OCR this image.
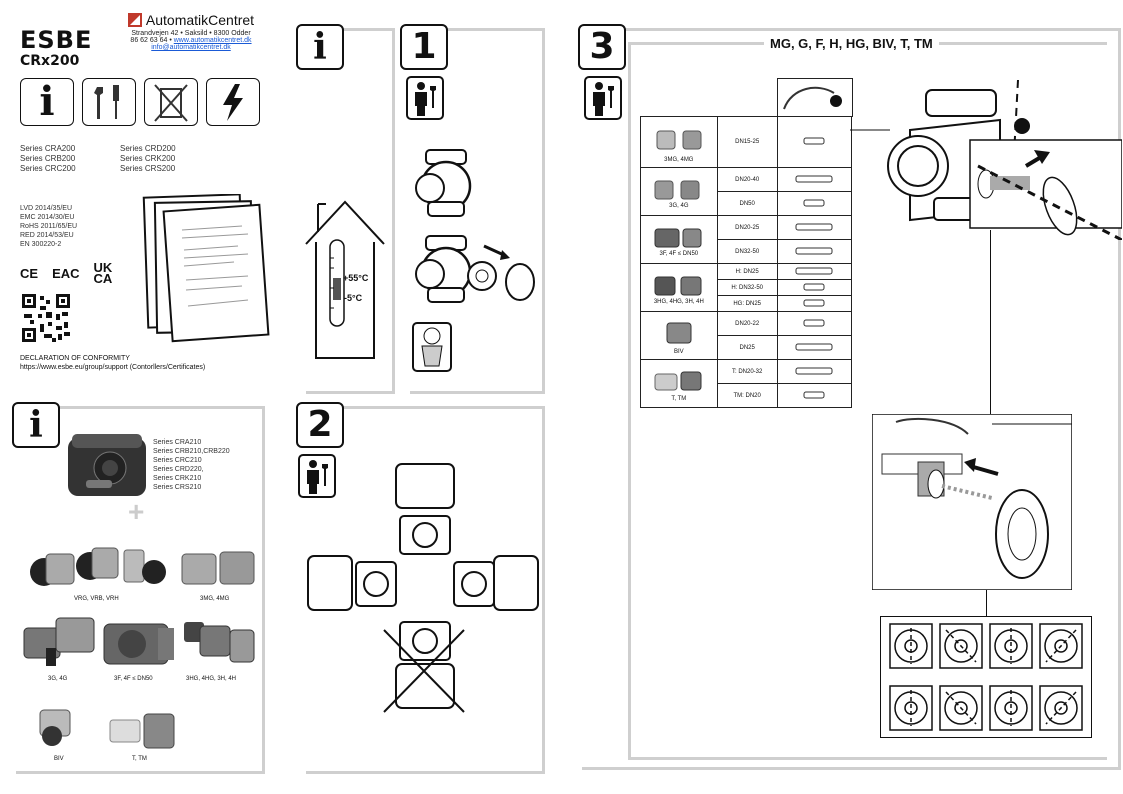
ESBE
CRx200
AutomatikCentret
Strandvejen 42 • Saksild • 8300 Odder
86 62 63 64 • www.automatikcentret.dk
info@automatikcentret.dk
i
Series CRA200
Series CRB200
Series CRC200
Series CRD200
Series CRK200
Series CRS200
LVD 2014/35/EU
EMC 2014/30/EU
RoHS 2011/65/EU
RED 2014/53/EU
EN 300220-2
CE EAC UK CA
DECLARATION OF CONFORMITY
https://www.esbe.eu/group/support (Contorllers/Certificates)
i
+55°C
-5°C
1	3	MG, G, F, H, HG, BIV, T, TM
3MG, 4MG	DN15-25	

3G, 4G	DN20-40	
	DN50	

3F, 4F ≤ DN50	DN20-25	
	DN32-50	

3HG, 4HG, 3H, 4H	H: DN25	
	H: DN32-50	
	HG: DN25	

BIV	DN20-22	
	DN25	

T, TM	T: DN20-32	
	TM: DN20	
i	Series CRA210
Series CRB210,CRB220
Series CRC210
Series CRD220,
Series CRK210
Series CRS210
+
VRG, VRB, VRH	3MG, 4MG
3G, 4G	3F, 4F ≤ DN50	3HG, 4HG, 3H, 4H
BIV	T, TM
2
